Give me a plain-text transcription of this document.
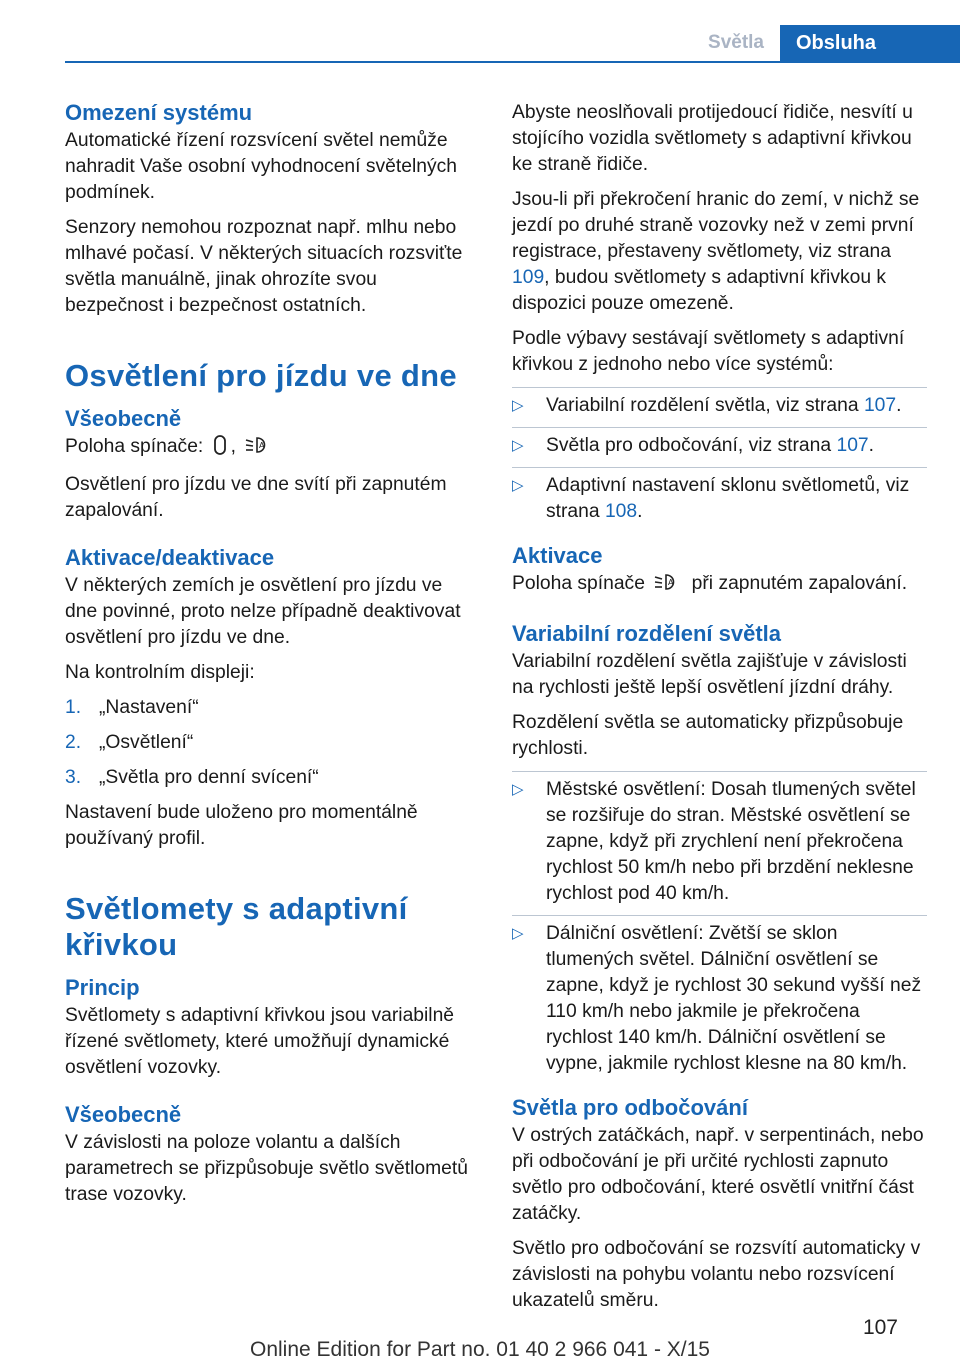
Světla	Obsluha
Omezení systému

Automatické řízení rozsvícení světel nemůže nahradit Vaše osobní vyhodnocení světelných podmínek.

Senzory nemohou rozpoznat např. mlhu nebo mlhavé počasí. V některých situacích rozsviťte světla manuálně, jinak ohrozíte svou bezpečnost i bezpečnost ostatních.

Osvětlení pro jízdu ve dne
Všeobecně

Poloha spínače: ,	A

Osvětlení pro jízdu ve dne svítí při zapnutém zapalování.

Aktivace/deaktivace

V některých zemích je osvětlení pro jízdu ve dne povinné, proto nelze případně deaktivovat osvětlení pro jízdu ve dne.

Na kontrolním displeji:

1. „Nastavení“
2. „Osvětlení“
3. „Světla pro denní svícení“

Nastavení bude uloženo pro momentálně používaný profil.

Světlomety s adaptivní křivkou
Princip

Světlomety s adaptivní křivkou jsou variabilně řízené světlomety, které umožňují dynamické osvětlení vozovky.

Všeobecně

V závislosti na poloze volantu a dalších parametrech se přizpůsobuje světlo světlometů trase vozovky.

Abyste neoslňovali protijedoucí řidiče, nesvítí u stojícího vozidla světlomety s adaptivní křivkou ke straně řidiče.

Jsou-li při překročení hranic do zemí, v nichž se jezdí po druhé straně vozovky než v zemi první registrace, přestaveny světlomety, viz strana 109, budou světlomety s adaptivní křivkou k dispozici pouze omezeně.

Podle výbavy sestávají světlomety s adaptivní křivkou z jednoho nebo více systémů:

▷	Variabilní rozdělení světla, viz strana 107.
▷	Světla pro odbočování, viz strana 107.
▷	Adaptivní nastavení sklonu světlometů, viz strana 108.
Aktivace

Poloha spínače	A při zapnutém zapalování.

Variabilní rozdělení světla

Variabilní rozdělení světla zajišťuje v závislosti na rychlosti ještě lepší osvětlení jízdní dráhy.

Rozdělení světla se automaticky přizpůsobuje rychlosti.

▷	Městské osvětlení: Dosah tlumených světel se rozšiřuje do stran. Městské osvětlení se zapne, když při zrychlení není překročena rychlost 50 km/h nebo při brzdění neklesne rychlost pod 40 km/h.
▷	Dálniční osvětlení: Zvětší se sklon tlumených světel. Dálniční osvětlení se zapne, když je rychlost 30 sekund vyšší než 110 km/h nebo jakmile je překročena rychlost 140 km/h. Dálniční osvětlení se vypne, jakmile rychlost klesne na 80 km/h.
Světla pro odbočování

V ostrých zatáčkách, např. v serpentinách, nebo při odbočování je při určité rychlosti zapnuto světlo pro odbočování, které osvětlí vnitřní část zatáčky.

Světlo pro odbočování se rozsvítí automaticky v závislosti na pohybu volantu nebo rozsvícení ukazatelů směru.

107
Online Edition for Part no. 01 40 2 966 041 - X/15
